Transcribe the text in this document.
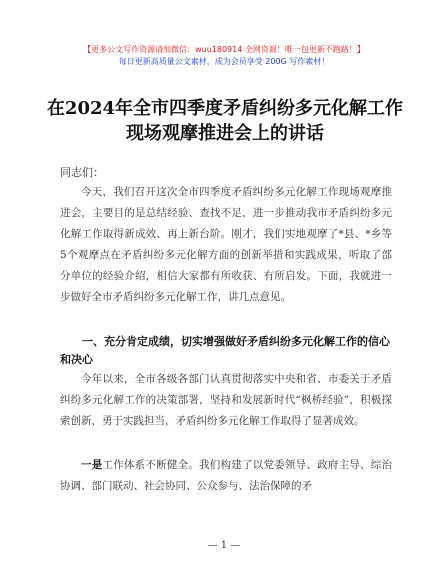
【更多公文写作资源请加微信：wuu180914 全网资源！唯一包更新不跑路！】
每日更新高质量公文素材，成为会员享受 200G 写作素材！
在2024年全市四季度矛盾纠纷多元化解工作现场观摩推进会上的讲话
同志们：

今天，我们召开这次全市四季度矛盾纠纷多元化解工作现场观摩推进会，主要目的是总结经验、查找不足，进一步推动我市矛盾纠纷多元化解工作取得新成效、再上新台阶。刚才，我们实地观摩了*县、*乡等5个观摩点在矛盾纠纷多元化解方面的创新举措和实践成果，听取了部分单位的经验介绍，相信大家都有所收获、有所启发。下面，我就进一步做好全市矛盾纠纷多元化解工作，讲几点意见。

一、充分肯定成绩，切实增强做好矛盾纠纷多元化解工作的信心和决心

今年以来，全市各级各部门认真贯彻落实中央和省、市委关于矛盾纠纷多元化解工作的决策部署，坚持和发展新时代“枫桥经验”，积极探索创新，勇于实践担当，矛盾纠纷多元化解工作取得了显著成效。

一是工作体系不断健全。我们构建了以党委领导、政府主导、综治协调、部门联动、社会协同、公众参与、法治保障的矛

— 1 —
